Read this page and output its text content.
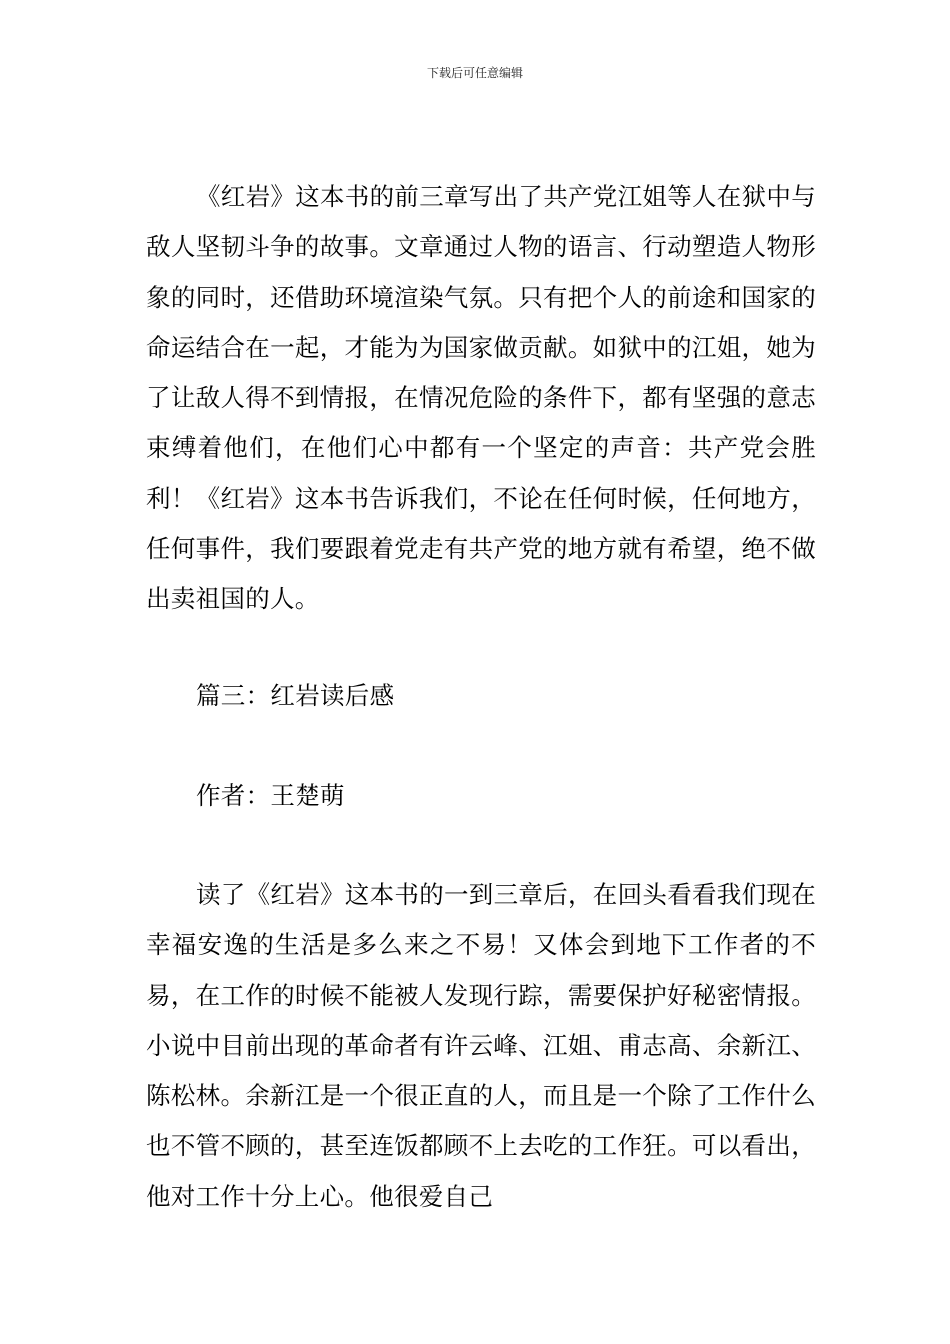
下载后可任意编辑

《红岩》这本书的前三章写出了共产党江姐等人在狱中与敌人坚韧斗争的故事。文章通过人物的语言、行动塑造人物形象的同时，还借助环境渲染气氛。只有把个人的前途和国家的命运结合在一起，才能为为国家做贡献。如狱中的江姐，她为了让敌人得不到情报，在情况危险的条件下，都有坚强的意志束缚着他们，在他们心中都有一个坚定的声音：共产党会胜利！《红岩》这本书告诉我们，不论在任何时候，任何地方，任何事件，我们要跟着党走有共产党的地方就有希望，绝不做出卖祖国的人。

篇三：红岩读后感

作者：王楚萌

读了《红岩》这本书的一到三章后，在回头看看我们现在幸福安逸的生活是多么来之不易！又体会到地下工作者的不易，在工作的时候不能被人发现行踪，需要保护好秘密情报。小说中目前出现的革命者有许云峰、江姐、甫志高、余新江、陈松林。余新江是一个很正直的人，而且是一个除了工作什么也不管不顾的，甚至连饭都顾不上去吃的工作狂。可以看出，他对工作十分上心。他很爱自己
